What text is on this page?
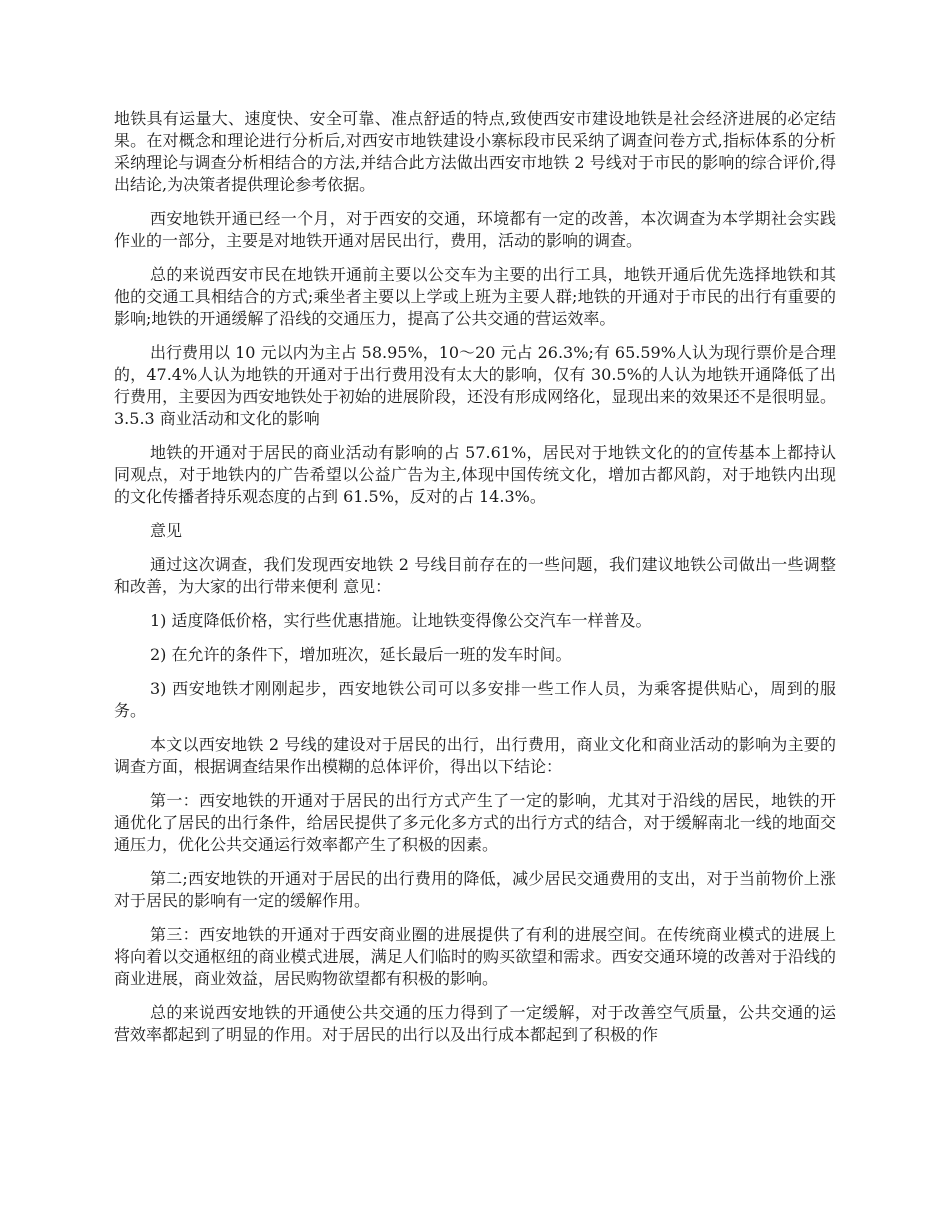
地铁具有运量大、速度快、安全可靠、准点舒适的特点,致使西安市建设地铁是社会经济进展的必定结果。在对概念和理论进行分析后,对西安市地铁建设小寨标段市民采纳了调查问卷方式,指标体系的分析采纳理论与调查分析相结合的方法,并结合此方法做出西安市地铁 2 号线对于市民的影响的综合评价,得出结论,为决策者提供理论参考依据。

西安地铁开通已经一个月，对于西安的交通，环境都有一定的改善，本次调查为本学期社会实践作业的一部分，主要是对地铁开通对居民出行，费用，活动的影响的调查。

总的来说西安市民在地铁开通前主要以公交车为主要的出行工具，地铁开通后优先选择地铁和其他的交通工具相结合的方式;乘坐者主要以上学或上班为主要人群;地铁的开通对于市民的出行有重要的影响;地铁的开通缓解了沿线的交通压力，提高了公共交通的营运效率。

出行费用以 10 元以内为主占 58.95%，10～20 元占 26.3%;有 65.59%人认为现行票价是合理的，47.4%人认为地铁的开通对于出行费用没有太大的影响，仅有 30.5%的人认为地铁开通降低了出行费用，主要因为西安地铁处于初始的进展阶段，还没有形成网络化，显现出来的效果还不是很明显。 3.5.3 商业活动和文化的影响

地铁的开通对于居民的商业活动有影响的占 57.61%，居民对于地铁文化的的宣传基本上都持认同观点，对于地铁内的广告希望以公益广告为主,体现中国传统文化，增加古都风韵，对于地铁内出现的文化传播者持乐观态度的占到 61.5%，反对的占 14.3%。

意见

通过这次调查，我们发现西安地铁 2 号线目前存在的一些问题，我们建议地铁公司做出一些调整和改善，为大家的出行带来便利 意见：

1) 适度降低价格，实行些优惠措施。让地铁变得像公交汽车一样普及。

2) 在允许的条件下，增加班次，延长最后一班的发车时间。

3) 西安地铁才刚刚起步，西安地铁公司可以多安排一些工作人员，为乘客提供贴心，周到的服务。

本文以西安地铁 2 号线的建设对于居民的出行，出行费用，商业文化和商业活动的影响为主要的调查方面，根据调查结果作出模糊的总体评价，得出以下结论：

第一：西安地铁的开通对于居民的出行方式产生了一定的影响，尤其对于沿线的居民，地铁的开通优化了居民的出行条件，给居民提供了多元化多方式的出行方式的结合，对于缓解南北一线的地面交通压力，优化公共交通运行效率都产生了积极的因素。

第二;西安地铁的开通对于居民的出行费用的降低，减少居民交通费用的支出，对于当前物价上涨对于居民的影响有一定的缓解作用。

第三：西安地铁的开通对于西安商业圈的进展提供了有利的进展空间。在传统商业模式的进展上将向着以交通枢纽的商业模式进展，满足人们临时的购买欲望和需求。西安交通环境的改善对于沿线的商业进展，商业效益，居民购物欲望都有积极的影响。

总的来说西安地铁的开通使公共交通的压力得到了一定缓解，对于改善空气质量，公共交通的运营效率都起到了明显的作用。对于居民的出行以及出行成本都起到了积极的作
